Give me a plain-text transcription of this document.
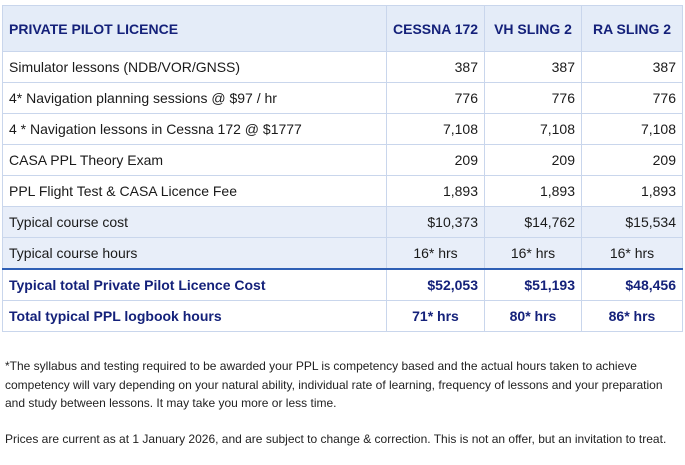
PRIVATE PILOT LICENCE	CESSNA 172	VH SLING 2	RA SLING 2
Simulator lessons (NDB/VOR/GNSS)	387	387	387
4* Navigation planning sessions @ $97 / hr	776	776	776
4 * Navigation lessons in Cessna 172 @ $1777	7,108	7,108	7,108
CASA PPL Theory Exam	209	209	209
PPL Flight Test & CASA Licence Fee	1,893	1,893	1,893
Typical course cost	$10,373	$14,762	$15,534
Typical course hours	16* hrs	16* hrs	16* hrs
Typical total Private Pilot Licence Cost	$52,053	$51,193	$48,456
Total typical PPL logbook hours	71* hrs	80* hrs	86* hrs

*The syllabus and testing required to be awarded your PPL is competency based and the actual hours taken to achieve competency will vary depending on your natural ability, individual rate of learning, frequency of lessons and your preparation and study between lessons. It may take you more or less time.

Prices are current as at 1 January 2026, and are subject to change & correction. This is not an offer, but an invitation to treat.
